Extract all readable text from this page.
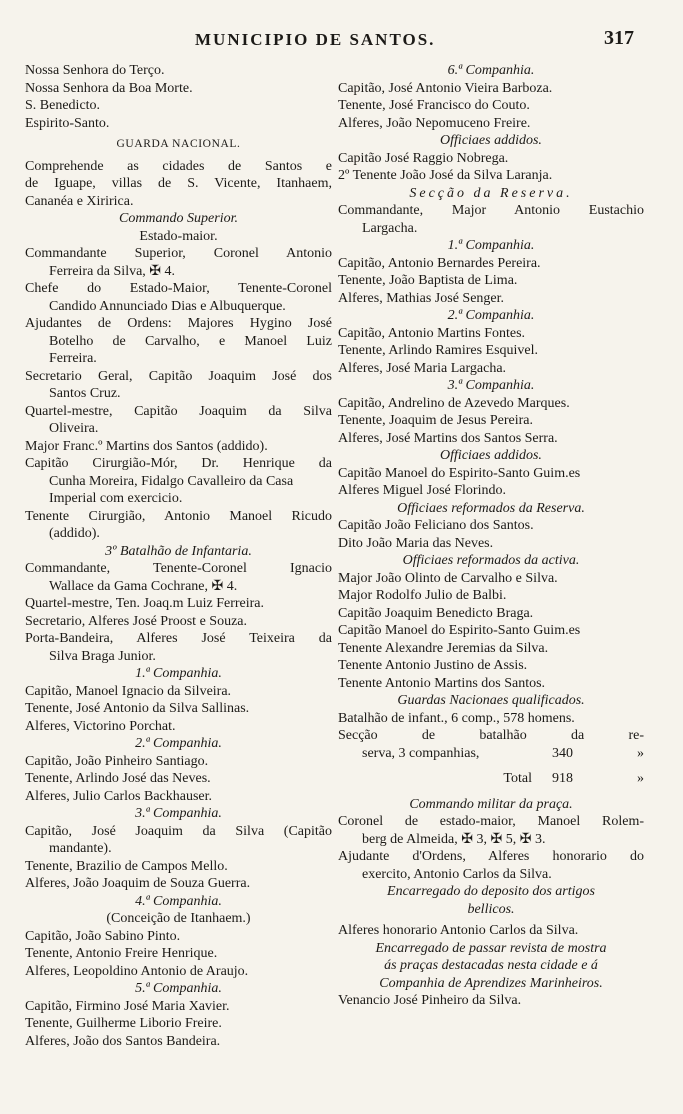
MUNICIPIO DE SANTOS.	317
Nossa Senhora do Terço.
Nossa Senhora da Boa Morte.
S. Benedicto.
Espirito-Santo.
GUARDA NACIONAL.
Comprehende as cidades de Santos e
de Iguape, villas de S. Vicente, Itanhaem,
Cananéa e Xiririca.
Commando Superior.
Estado-maior.
Commandante Superior, Coronel Antonio
Ferreira da Silva, ✠ 4.
Chefe do Estado-Maior, Tenente-Coronel
Candido Annunciado Dias e Albuquerque.
Ajudantes de Ordens: Majores Hygino José
Botelho de Carvalho, e Manoel Luiz
Ferreira.
Secretario Geral, Capitão Joaquim José dos
Santos Cruz.
Quartel-mestre, Capitão Joaquim da Silva
Oliveira.
Major Franc.º Martins dos Santos (addido).
Capitão Cirurgião-Mór, Dr. Henrique da
Cunha Moreira, Fidalgo Cavalleiro da Casa
Imperial com exercicio.
Tenente Cirurgião, Antonio Manoel Ricudo
(addido).
3º Batalhão de Infantaria.
Commandante, Tenente-Coronel Ignacio
Wallace da Gama Cochrane, ✠ 4.
Quartel-mestre, Ten. Joaq.m Luiz Ferreira.
Secretario, Alferes José Proost e Souza.
Porta-Bandeira, Alferes José Teixeira da
Silva Braga Junior.
1.ª Companhia.
Capitão, Manoel Ignacio da Silveira.
Tenente, José Antonio da Silva Sallinas.
Alferes, Victorino Porchat.
2.ª Companhia.
Capitão, João Pinheiro Santiago.
Tenente, Arlindo José das Neves.
Alferes, Julio Carlos Backhauser.
3.ª Companhia.
Capitão, José Joaquim da Silva (Capitão
mandante).
Tenente, Brazilio de Campos Mello.
Alferes, João Joaquim de Souza Guerra.
4.ª Companhia.
(Conceição de Itanhaem.)
Capitão, João Sabino Pinto.
Tenente, Antonio Freire Henrique.
Alferes, Leopoldino Antonio de Araujo.
5.ª Companhia.
Capitão, Firmino José Maria Xavier.
Tenente, Guilherme Liborio Freire.
Alferes, João dos Santos Bandeira.
6.ª Companhia.
Capitão, José Antonio Vieira Barboza.
Tenente, José Francisco do Couto.
Alferes, João Nepomuceno Freire.
Officiaes addidos.
Capitão José Raggio Nobrega.
2º Tenente João José da Silva Laranja.
Secção da Reserva.
Commandante, Major Antonio Eustachio
Largacha.
1.ª Companhia.
Capitão, Antonio Bernardes Pereira.
Tenente, João Baptista de Lima.
Alferes, Mathias José Senger.
2.ª Companhia.
Capitão, Antonio Martins Fontes.
Tenente, Arlindo Ramires Esquivel.
Alferes, José Maria Largacha.
3.ª Companhia.
Capitão, Andrelino de Azevedo Marques.
Tenente, Joaquim de Jesus Pereira.
Alferes, José Martins dos Santos Serra.
Officiaes addidos.
Capitão Manoel do Espirito-Santo Guim.es
Alferes Miguel José Florindo.
Officiaes reformados da Reserva.
Capitão João Feliciano dos Santos.
Dito João Maria das Neves.
Officiaes reformados da activa.
Major João Olinto de Carvalho e Silva.
Major Rodolfo Julio de Balbi.
Capitão Joaquim Benedicto Braga.
Capitão Manoel do Espirito-Santo Guim.es
Tenente Alexandre Jeremias da Silva.
Tenente Antonio Justino de Assis.
Tenente Antonio Martins dos Santos.
Guardas Nacionaes qualificados.
Batalhão de infant., 6 comp., 578 homens.
Secção de batalhão da re-
serva, 3 companhias,	340	»
Total 918	»
Commando militar da praça.
Coronel de estado-maior, Manoel Rolem-
berg de Almeida, ✠ 3, ✠ 5, ✠ 3.
Ajudante d'Ordens, Alferes honorario do
exercito, Antonio Carlos da Silva.
Encarregado do deposito dos artigos
bellicos.
Alferes honorario Antonio Carlos da Silva.
Encarregado de passar revista de mostra
ás praças destacadas nesta cidade e á
Companhia de Aprendizes Marinheiros.
Venancio José Pinheiro da Silva.
